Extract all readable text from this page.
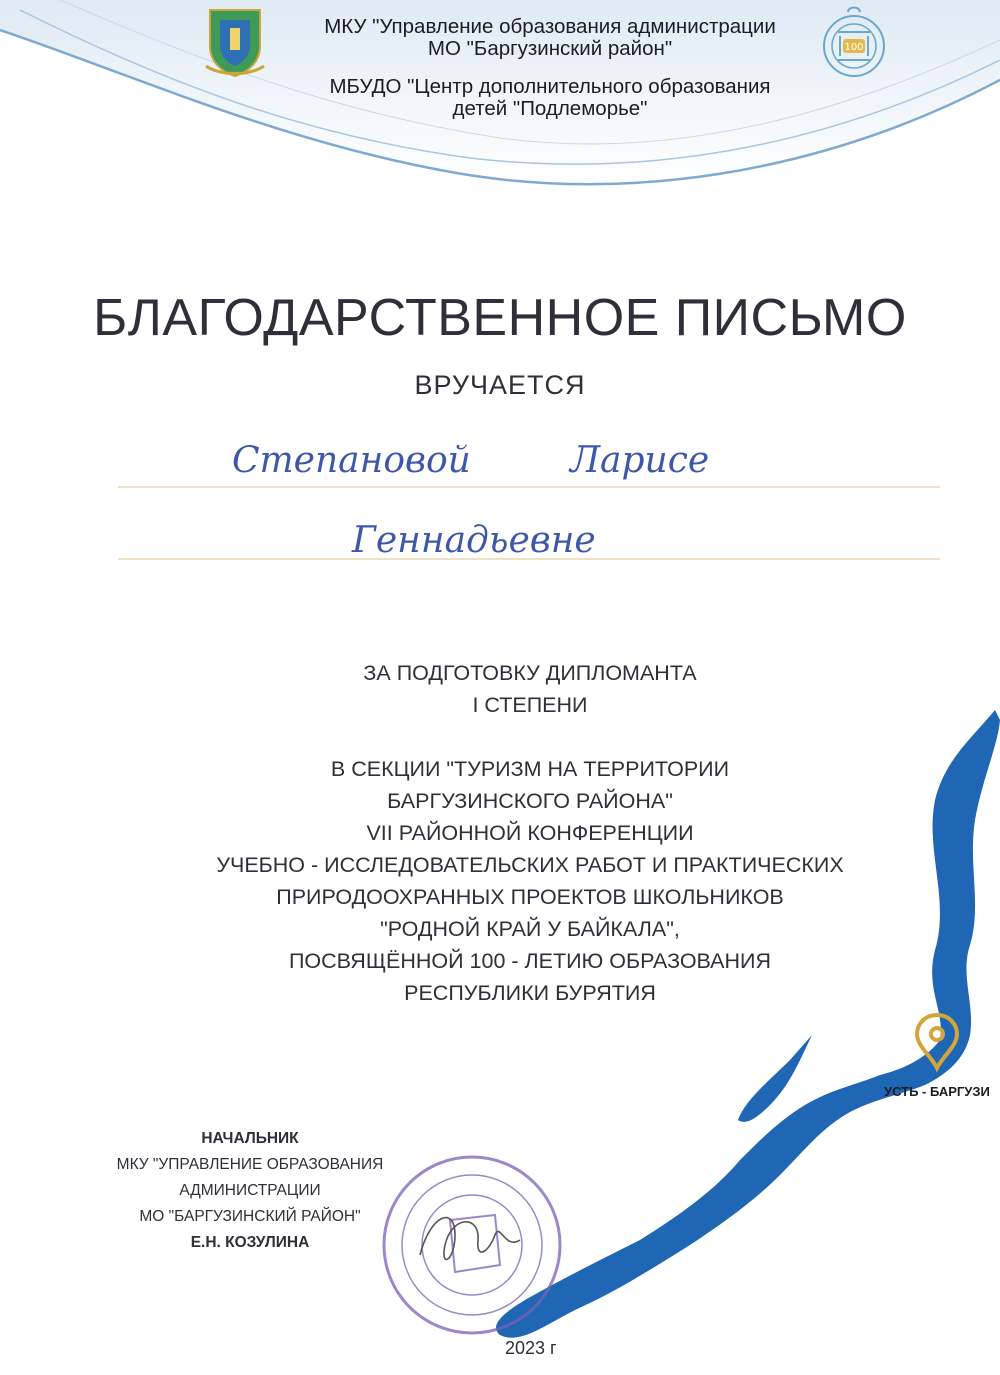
100
МКУ "Управление образования администрации
МО "Баргузинский район"
МБУДО "Центр дополнительного образования
детей "Подлеморье"
БЛАГОДАРСТВЕННОЕ ПИСЬМО
ВРУЧАЕТСЯ
Степановой	Ларисе
Геннадьевне
ЗА ПОДГОТОВКУ ДИПЛОМАНТА
I СТЕПЕНИ
В СЕКЦИИ "ТУРИЗМ НА ТЕРРИТОРИИ
БАРГУЗИНСКОГО РАЙОНА"
VII РАЙОННОЙ КОНФЕРЕНЦИИ
УЧЕБНО - ИССЛЕДОВАТЕЛЬСКИХ РАБОТ И ПРАКТИЧЕСКИХ
ПРИРОДООХРАННЫХ ПРОЕКТОВ ШКОЛЬНИКОВ
"РОДНОЙ КРАЙ У БАЙКАЛА",
ПОСВЯЩЁННОЙ 100 - ЛЕТИЮ ОБРАЗОВАНИЯ
РЕСПУБЛИКИ БУРЯТИЯ
УСТЬ - БАРГУЗИ
НАЧАЛЬНИК
МКУ "УПРАВЛЕНИЕ ОБРАЗОВАНИЯ
АДМИНИСТРАЦИИ
МО "БАРГУЗИНСКИЙ РАЙОН"
Е.Н. КОЗУЛИНА
2023 г
